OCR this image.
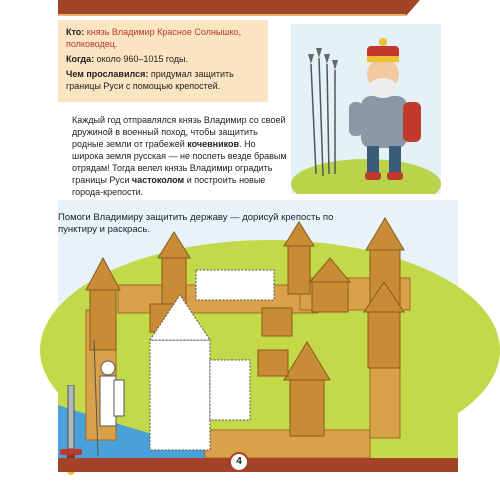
Кто: князь Владимир Красное Солнышко, полководец.

Когда: около 960–1015 годы.

Чем прославился: придумал защитить границы Руси с помощью крепостей.

Каждый год отправлялся князь Владимир со своей дружиной в военный поход, чтобы защитить родные земли от грабежей кочевников. Но широка земля русская — не поспеть везде бравым отрядам! Тогда велел князь Владимир оградить границы Руси частоколом и построить новые города-крепости.
Помоги Владимиру защитить державу — дорисуй крепость по пунктиру и раскрась.
4
